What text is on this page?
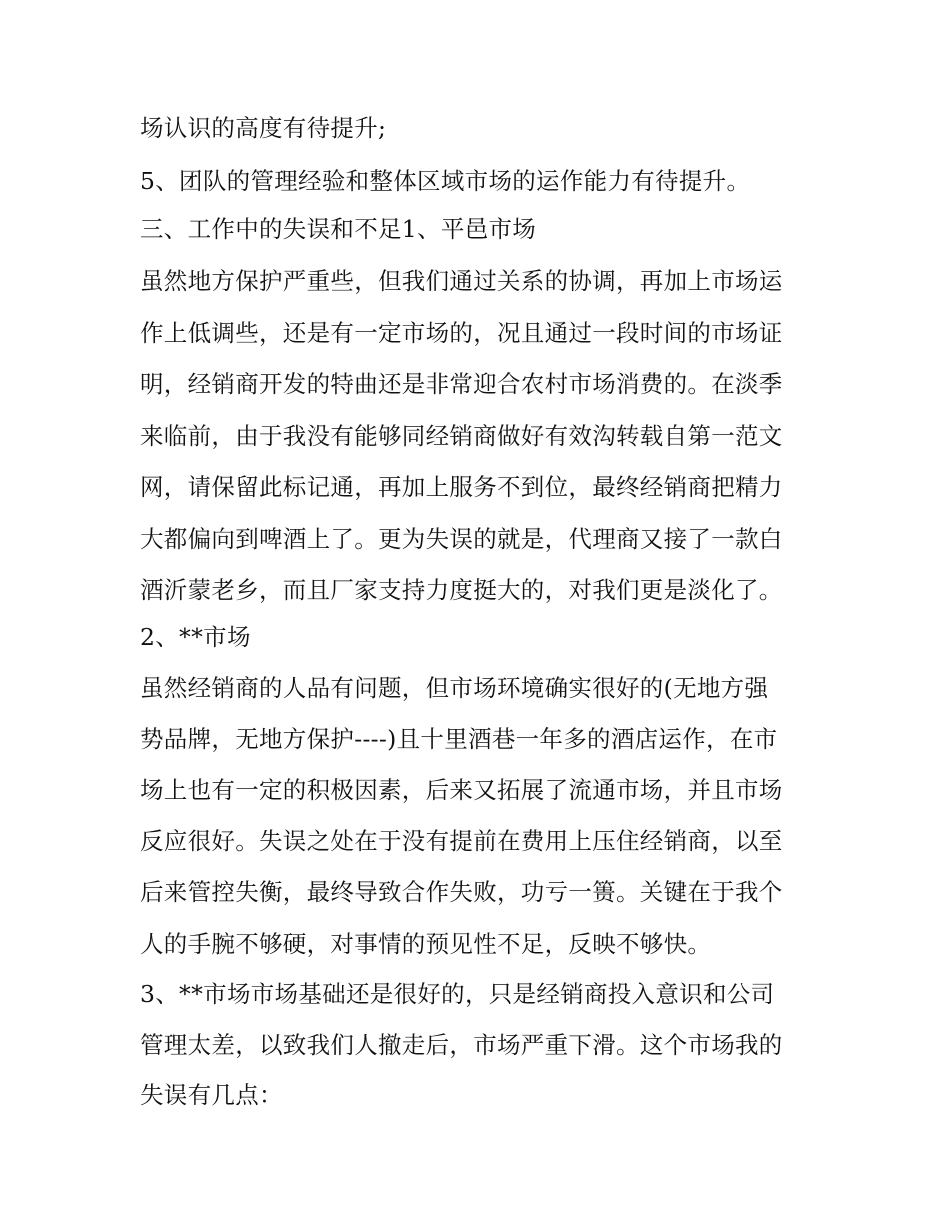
场认识的高度有待提升;

5、团队的管理经验和整体区域市场的运作能力有待提升。

三、工作中的失误和不足1、平邑市场

虽然地方保护严重些，但我们通过关系的协调，再加上市场运

作上低调些，还是有一定市场的，况且通过一段时间的市场证

明，经销商开发的特曲还是非常迎合农村市场消费的。在淡季

来临前，由于我没有能够同经销商做好有效沟转载自第一范文

网，请保留此标记通，再加上服务不到位，最终经销商把精力

大都偏向到啤酒上了。更为失误的就是，代理商又接了一款白

酒沂蒙老乡，而且厂家支持力度挺大的，对我们更是淡化了。

2、**市场

虽然经销商的人品有问题，但市场环境确实很好的(无地方强

势品牌，无地方保护----)且十里酒巷一年多的酒店运作，在市

场上也有一定的积极因素，后来又拓展了流通市场，并且市场

反应很好。失误之处在于没有提前在费用上压住经销商，以至

后来管控失衡，最终导致合作失败，功亏一篑。关键在于我个

人的手腕不够硬，对事情的预见性不足，反映不够快。

3、**市场市场基础还是很好的，只是经销商投入意识和公司

管理太差，以致我们人撤走后，市场严重下滑。这个市场我的

失误有几点：
